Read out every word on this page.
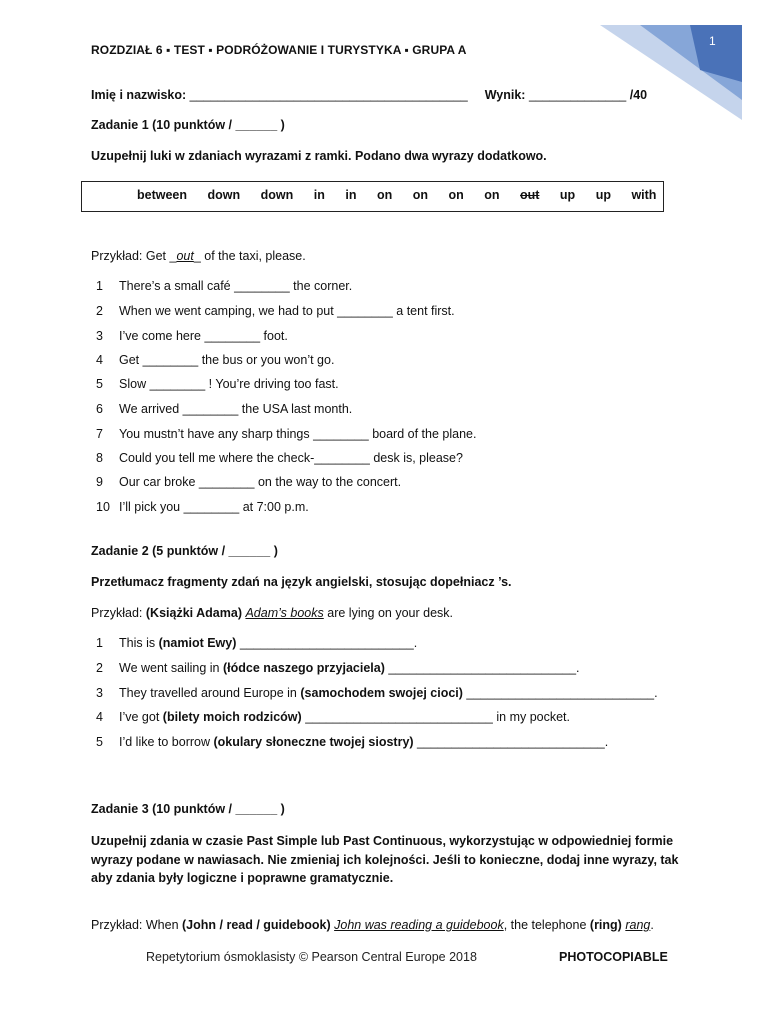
1
ROZDZIAŁ 6 ▪ TEST ▪ PODRÓŻOWANIE I TURYSTYKA ▪ GRUPA A
Imię i nazwisko: ________________________________________ Wynik: ______________ /40
Zadanie 1 (10 punktów / ______ )
Uzupełnij luki w zdaniach wyrazami z ramki. Podano dwa wyrazy dodatkowo.
between down down in in on on on on out up up with
Przykład: Get _out_ of the taxi, please.
1 There’s a small café ________ the corner.
2 When we went camping, we had to put ________ a tent first.
3 I’ve come here ________ foot.
4 Get ________ the bus or you won’t go.
5 Slow ________ ! You’re driving too fast.
6 We arrived ________ the USA last month.
7 You mustn’t have any sharp things ________ board of the plane.
8 Could you tell me where the check-________ desk is, please?
9 Our car broke ________ on the way to the concert.
10 I’ll pick you ________ at 7:00 p.m.
Zadanie 2 (5 punktów / ______ )
Przetłumacz fragmenty zdań na język angielski, stosując dopełniacz ’s.
Przykład: (Książki Adama) Adam’s books are lying on your desk.
1 This is (namiot Ewy) _________________________.
2 We went sailing in (łódce naszego przyjaciela) ___________________________.
3 They travelled around Europe in (samochodem swojej cioci) ___________________________.
4 I’ve got (bilety moich rodziców) ___________________________ in my pocket.
5 I’d like to borrow (okulary słoneczne twojej siostry) ___________________________.
Zadanie 3 (10 punktów / ______ )
Uzupełnij zdania w czasie Past Simple lub Past Continuous, wykorzystując w odpowiedniej formie wyrazy podane w nawiasach. Nie zmieniaj ich kolejności. Jeśli to konieczne, dodaj inne wyrazy, tak aby zdania były logiczne i poprawne gramatycznie.
Przykład: When (John / read / guidebook) John was reading a guidebook, the telephone (ring) rang.
Repetytorium ósmoklasisty © Pearson Central Europe 2018	PHOTOCOPIABLE
